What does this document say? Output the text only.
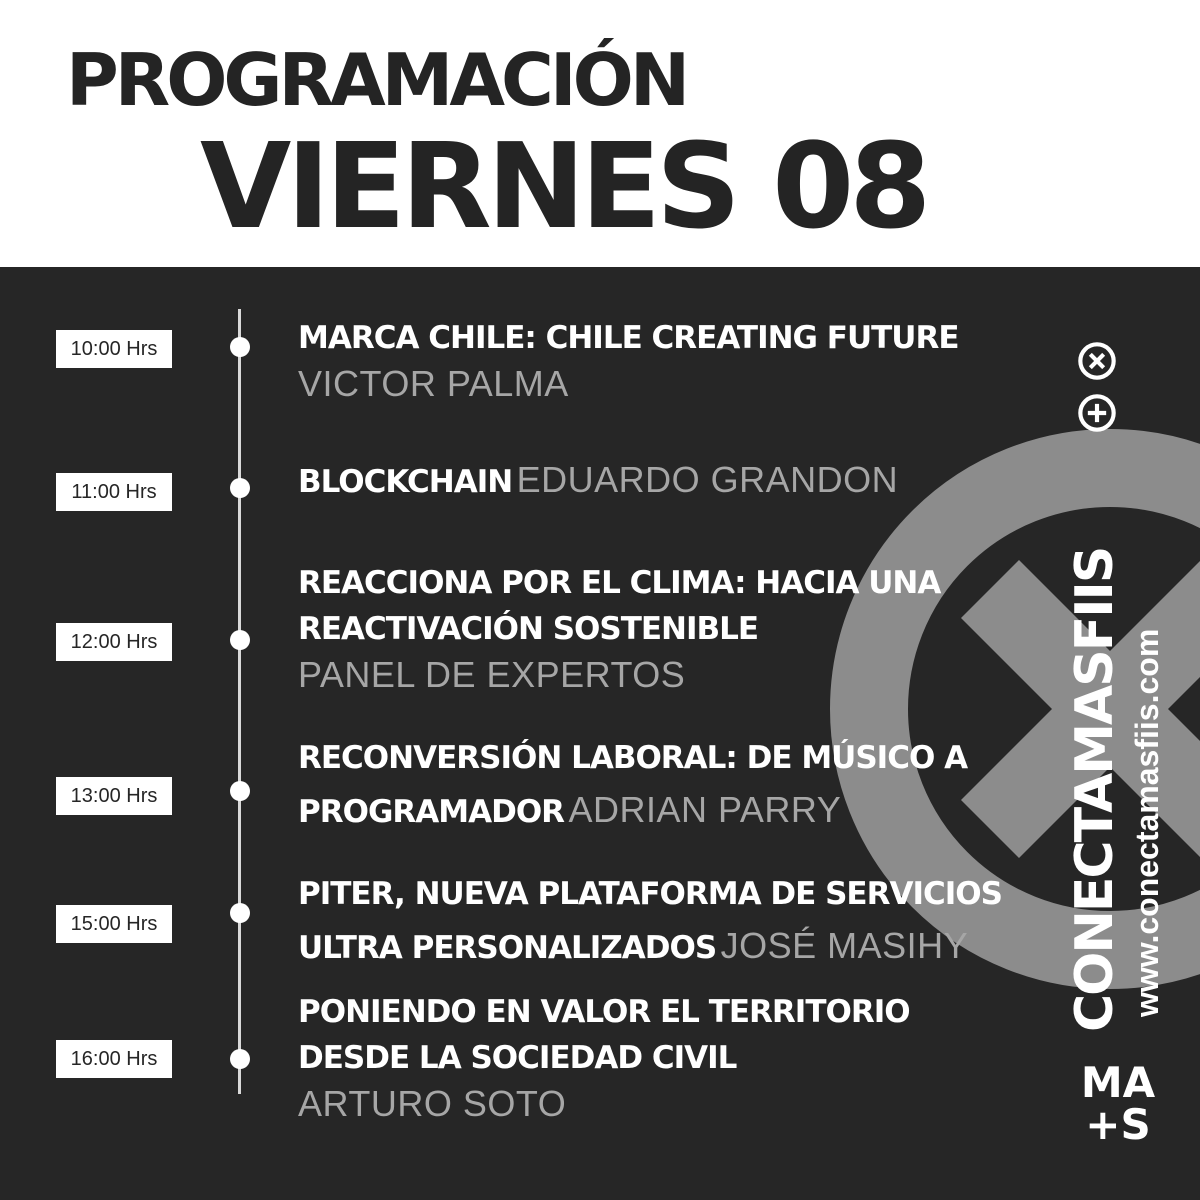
PROGRAMACIÓN
VIERNES 08
10:00 Hrs	MARCA CHILE: CHILE CREATING FUTURE
VICTOR PALMA
11:00 Hrs	BLOCKCHAIN EDUARDO GRANDON
12:00 Hrs
REACCIONA POR EL CLIMA: HACIA UNA REACTIVACIÓN SOSTENIBLE
PANEL DE EXPERTOS
13:00 Hrs
RECONVERSIÓN LABORAL: DE MÚSICO A PROGRAMADOR ADRIAN PARRY
15:00 Hrs
PITER, NUEVA PLATAFORMA DE SERVICIOS ULTRA PERSONALIZADOS JOSÉ MASIHY
16:00 Hrs
PONIENDO EN VALOR EL TERRITORIO DESDE LA SOCIEDAD CIVIL
ARTURO SOTO
CONECTAMASFIIS www.conectamasfiis.com
MA
+S
